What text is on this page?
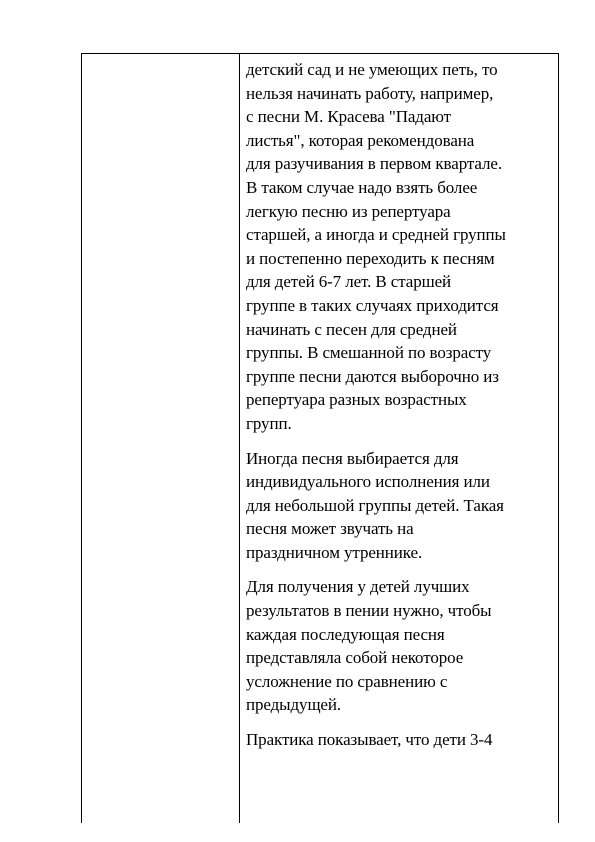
детский сад и не умеющих петь, то
нельзя начинать работу, например,
с песни М. Красева "Падают
листья", которая рекомендована
для разучивания в первом квартале.
В таком случае надо взять более
легкую песню из репертуара
старшей, а иногда и средней группы
и постепенно переходить к песням
для детей 6-7 лет. В старшей
группе в таких случаях приходится
начинать с песен для средней
группы. В смешанной по возрасту
группе песни даются выборочно из
репертуара разных возрастных
групп.

Иногда песня выбирается для
индивидуального исполнения или
для небольшой группы детей. Такая
песня может звучать на
праздничном утреннике.

Для получения у детей лучших
результатов в пении нужно, чтобы
каждая последующая песня
представляла собой некоторое
усложнение по сравнению с
предыдущей.

Практика показывает, что дети 3-4
